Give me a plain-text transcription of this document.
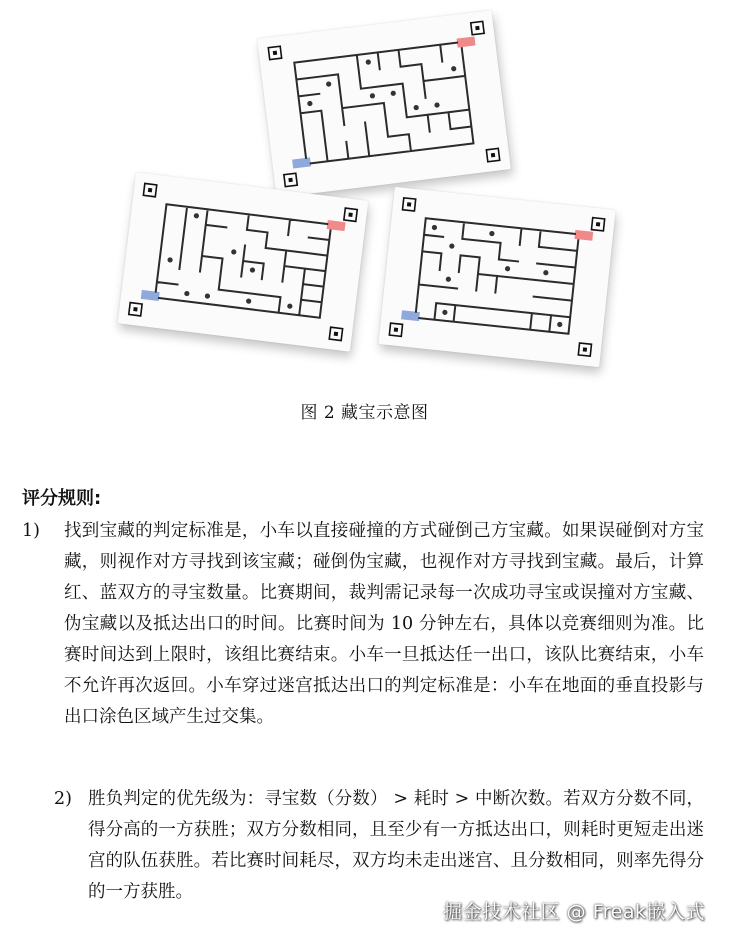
图 2 藏宝示意图
评分规则:
1) 找到宝藏的判定标准是，小车以直接碰撞的方式碰倒己方宝藏。如果误碰倒对方宝藏，则视作对方寻找到该宝藏；碰倒伪宝藏，也视作对方寻找到宝藏。最后，计算红、蓝双方的寻宝数量。比赛期间，裁判需记录每一次成功寻宝或误撞对方宝藏、伪宝藏以及抵达出口的时间。比赛时间为 10 分钟左右，具体以竞赛细则为准。比赛时间达到上限时，该组比赛结束。小车一旦抵达任一出口，该队比赛结束，小车不允许再次返回。小车穿过迷宫抵达出口的判定标准是：小车在地面的垂直投影与出口涂色区域产生过交集。
2) 胜负判定的优先级为：寻宝数（分数） > 耗时 > 中断次数。若双方分数不同，得分高的一方获胜；双方分数相同，且至少有一方抵达出口，则耗时更短走出迷宫的队伍获胜。若比赛时间耗尽，双方均未走出迷宫、且分数相同，则率先得分的一方获胜。
掘金技术社区 @ Freak嵌入式
